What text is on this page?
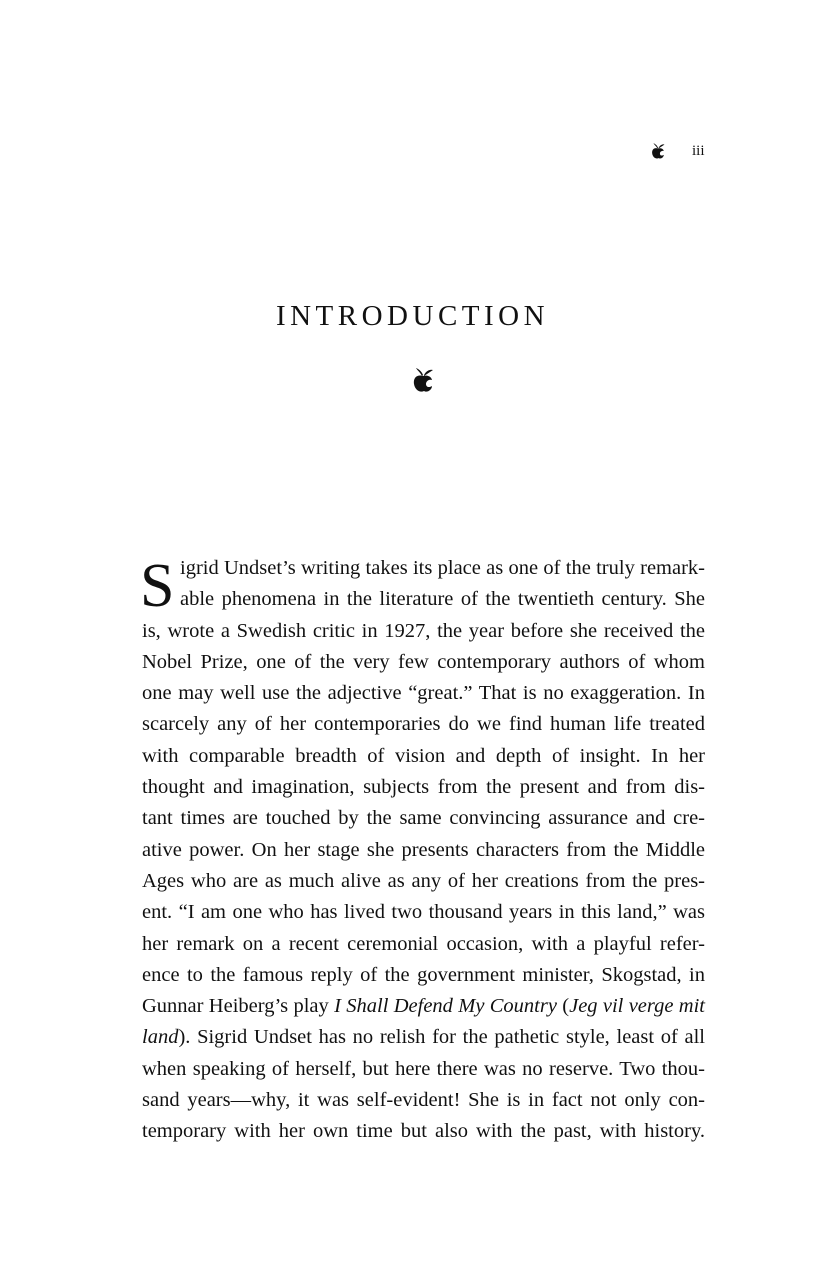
iii
INTRODUCTION
S igrid Undset’s writing takes its place as one of the truly remark-
able phenomena in the literature of the twentieth century. She
is, wrote a Swedish critic in 1927, the year before she received the
Nobel Prize, one of the very few contemporary authors of whom
one may well use the adjective “great.” That is no exaggeration. In
scarcely any of her contemporaries do we find human life treated
with comparable breadth of vision and depth of insight. In her
thought and imagination, subjects from the present and from dis-
tant times are touched by the same convincing assurance and cre-
ative power. On her stage she presents characters from the Middle
Ages who are as much alive as any of her creations from the pres-
ent. “I am one who has lived two thousand years in this land,” was
her remark on a recent ceremonial occasion, with a playful refer-
ence to the famous reply of the government minister, Skogstad, in
Gunnar Heiberg’s play I Shall Defend My Country (Jeg vil verge mit
land). Sigrid Undset has no relish for the pathetic style, least of all
when speaking of herself, but here there was no reserve. Two thou-
sand years—why, it was self-evident! She is in fact not only con-
temporary with her own time but also with the past, with history.
